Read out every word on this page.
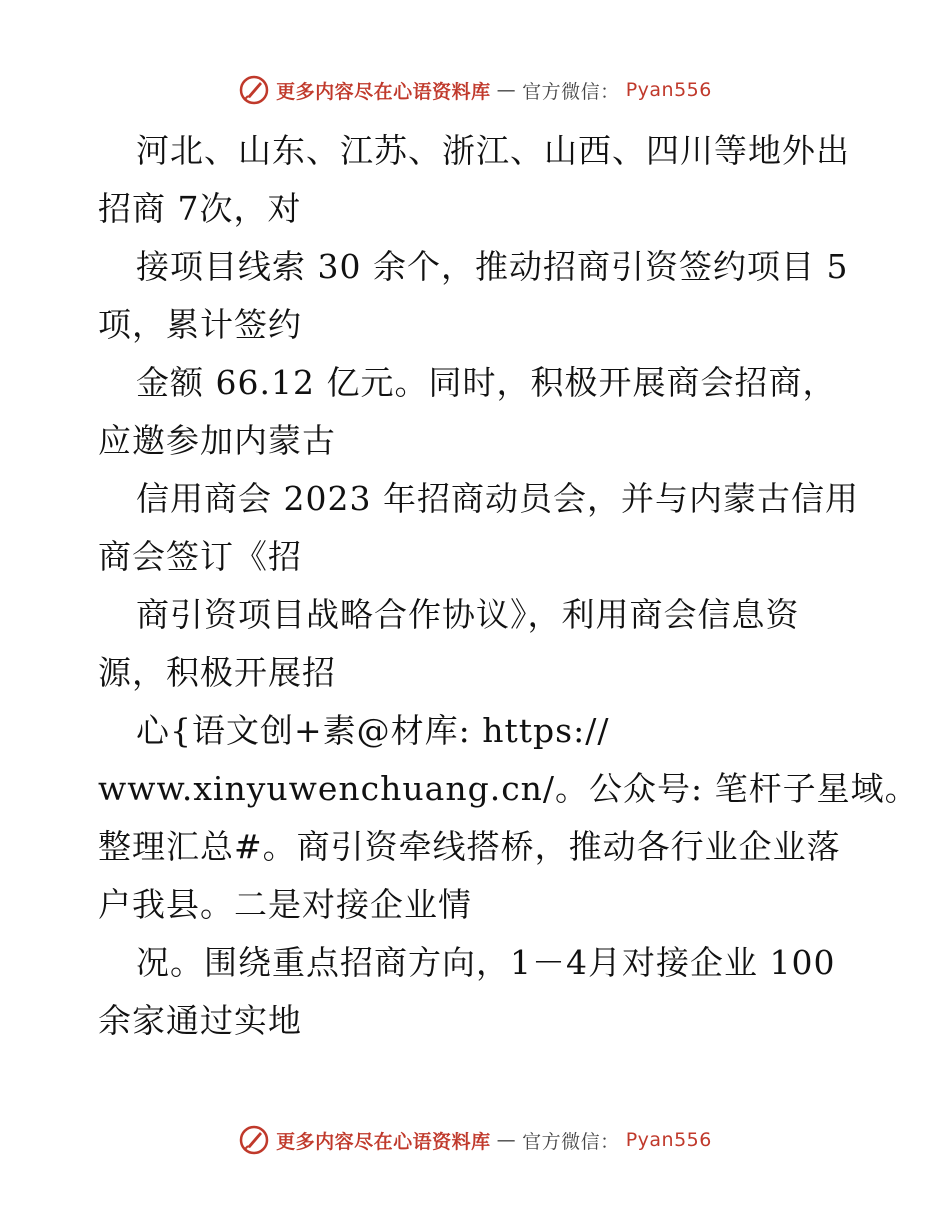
更多内容尽在心语资料库 — 官方微信： Pyan556
河北、山东、江苏、浙江、山西、四川等地外出
招商 7次，对
接项目线索 30 余个，推动招商引资签约项目 5
项，累计签约
金额 66.12 亿元。同时，积极开展商会招商，
应邀参加内蒙古
信用商会 2023 年招商动员会，并与内蒙古信用
商会签订《招
商引资项目战略合作协议》，利用商会信息资
源，积极开展招
心{语文创+素@材库: https://
www.xinyuwenchuang.cn/。公众号: 笔杆子星域。
整理汇总#。商引资牵线搭桥，推动各行业企业落
户我县。二是对接企业情
况。围绕重点招商方向，1－4月对接企业 100
余家通过实地
更多内容尽在心语资料库 — 官方微信： Pyan556
